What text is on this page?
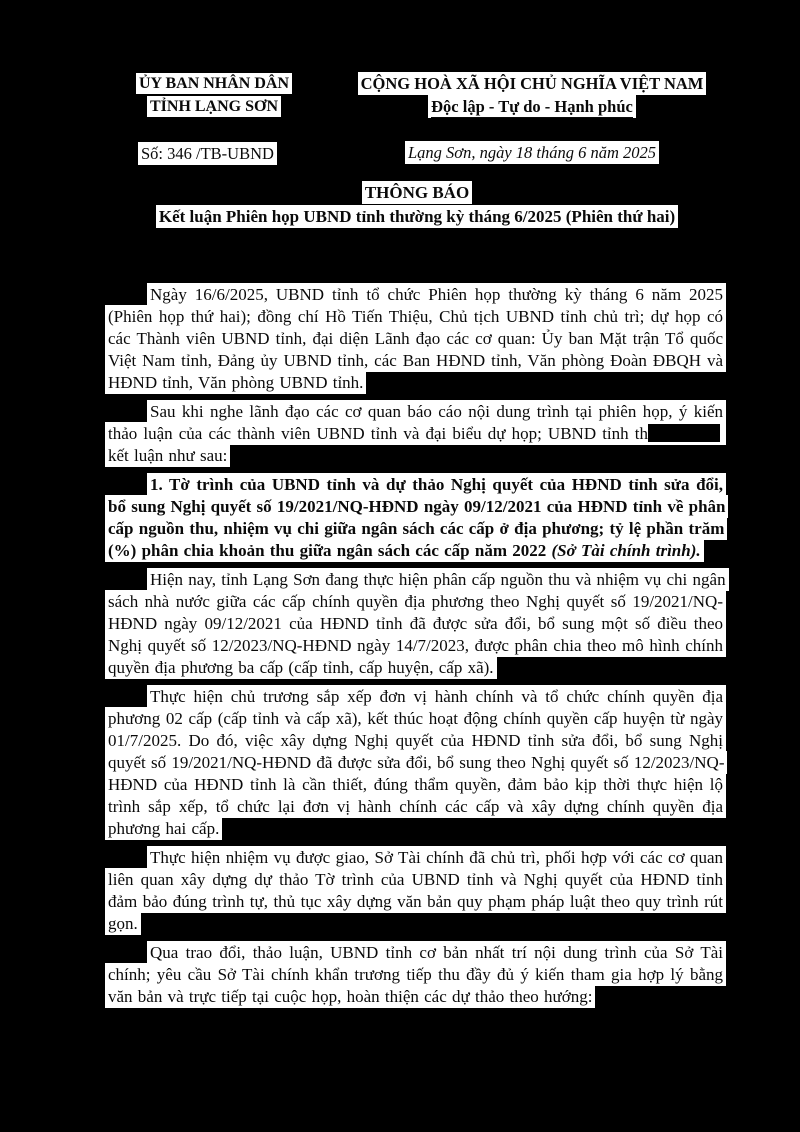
ỦY BAN NHÂN DÂN
TỈNH LẠNG SƠN
CỘNG HOÀ XÃ HỘI CHỦ NGHĨA VIỆT NAM
Độc lập - Tự do - Hạnh phúc
Số: 346 /TB-UBND	Lạng Sơn, ngày 18 tháng 6 năm 2025
THÔNG BÁO
Kết luận Phiên họp UBND tỉnh thường kỳ tháng 6/2025 (Phiên thứ hai)

Ngày 16/6/2025, UBND tỉnh tổ chức Phiên họp thường kỳ tháng 6 năm 2025 (Phiên họp thứ hai); đồng chí Hồ Tiến Thiệu, Chủ tịch UBND tỉnh chủ trì; dự họp có các Thành viên UBND tỉnh, đại diện Lãnh đạo các cơ quan: Ủy ban Mặt trận Tổ quốc Việt Nam tỉnh, Đảng ủy UBND tỉnh, các Ban HĐND tỉnh, Văn phòng Đoàn ĐBQH và HĐND tỉnh, Văn phòng UBND tỉnh.

Sau khi nghe lãnh đạo các cơ quan báo cáo nội dung trình tại phiên họp, ý kiến thảo luận của các thành viên UBND tỉnh và đại biểu dự họp; UBND tỉnh thkết luận như sau:

1. Tờ trình của UBND tỉnh và dự thảo Nghị quyết của HĐND tỉnh sửa đổi, bổ sung Nghị quyết số 19/2021/NQ-HĐND ngày 09/12/2021 của HĐND tỉnh về phân cấp nguồn thu, nhiệm vụ chi giữa ngân sách các cấp ở địa phương; tỷ lệ phần trăm (%) phân chia khoản thu giữa ngân sách các cấp năm 2022 (Sở Tài chính trình).

Hiện nay, tỉnh Lạng Sơn đang thực hiện phân cấp nguồn thu và nhiệm vụ chi ngân sách nhà nước giữa các cấp chính quyền địa phương theo Nghị quyết số 19/2021/NQ-HĐND ngày 09/12/2021 của HĐND tỉnh đã được sửa đổi, bổ sung một số điều theo Nghị quyết số 12/2023/NQ-HĐND ngày 14/7/2023, được phân chia theo mô hình chính quyền địa phương ba cấp (cấp tỉnh, cấp huyện, cấp xã).

Thực hiện chủ trương sắp xếp đơn vị hành chính và tổ chức chính quyền địa phương 02 cấp (cấp tỉnh và cấp xã), kết thúc hoạt động chính quyền cấp huyện từ ngày 01/7/2025. Do đó, việc xây dựng Nghị quyết của HĐND tỉnh sửa đổi, bổ sung Nghị quyết số 19/2021/NQ-HĐND đã được sửa đổi, bổ sung theo Nghị quyết số 12/2023/NQ-HĐND của HĐND tỉnh là cần thiết, đúng thẩm quyền, đảm bảo kịp thời thực hiện lộ trình sắp xếp, tổ chức lại đơn vị hành chính các cấp và xây dựng chính quyền địa phương hai cấp.

Thực hiện nhiệm vụ được giao, Sở Tài chính đã chủ trì, phối hợp với các cơ quan liên quan xây dựng dự thảo Tờ trình của UBND tỉnh và Nghị quyết của HĐND tỉnh đảm bảo đúng trình tự, thủ tục xây dựng văn bản quy phạm pháp luật theo quy trình rút gọn.

Qua trao đổi, thảo luận, UBND tỉnh cơ bản nhất trí nội dung trình của Sở Tài chính; yêu cầu Sở Tài chính khẩn trương tiếp thu đầy đủ ý kiến tham gia hợp lý bằng văn bản và trực tiếp tại cuộc họp, hoàn thiện các dự thảo theo hướng:
